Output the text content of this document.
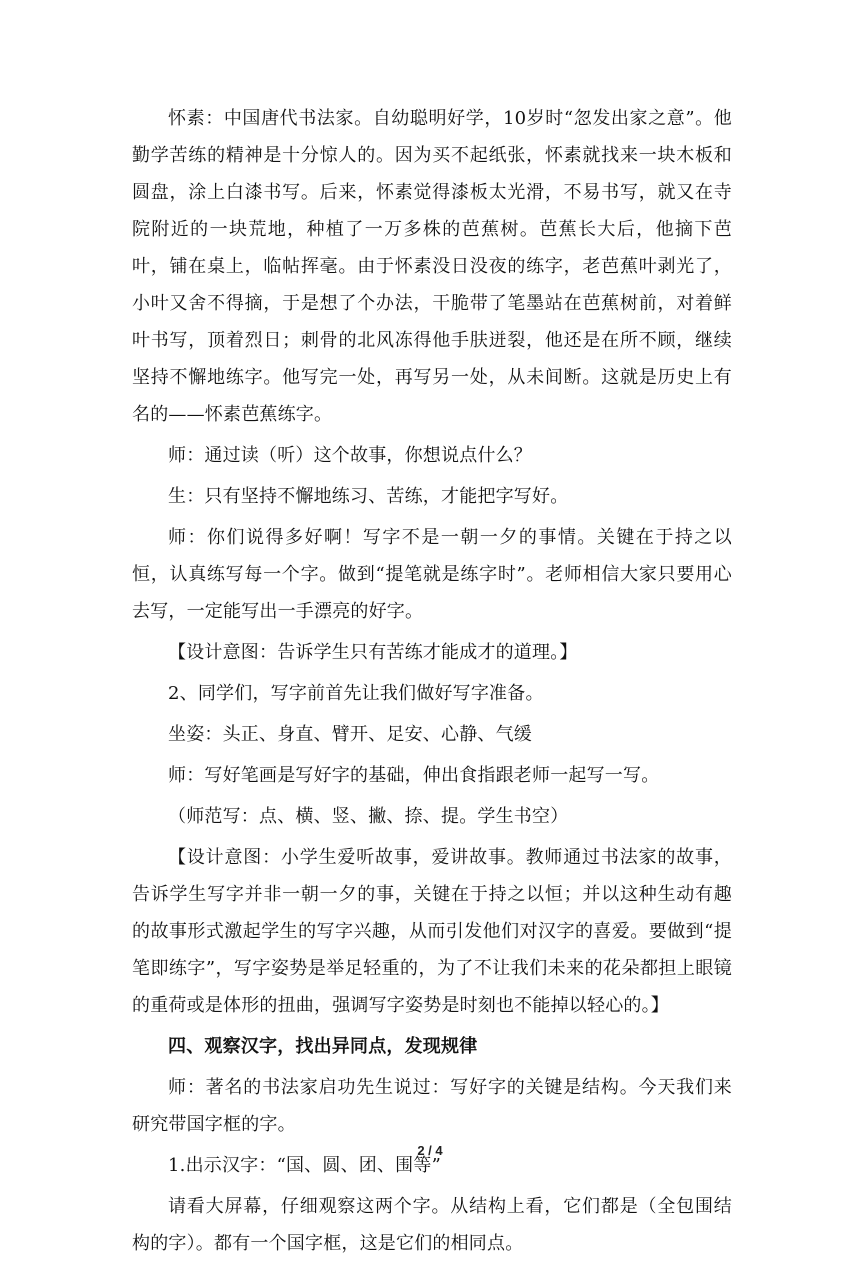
怀素：中国唐代书法家。自幼聪明好学，10岁时“忽发出家之意”。他勤学苦练的精神是十分惊人的。因为买不起纸张，怀素就找来一块木板和圆盘，涂上白漆书写。后来，怀素觉得漆板太光滑，不易书写，就又在寺院附近的一块荒地，种植了一万多株的芭蕉树。芭蕉长大后，他摘下芭叶，铺在桌上，临帖挥毫。由于怀素没日没夜的练字，老芭蕉叶剥光了，小叶又舍不得摘，于是想了个办法，干脆带了笔墨站在芭蕉树前，对着鲜叶书写，顶着烈日；刺骨的北风冻得他手肤迸裂，他还是在所不顾，继续坚持不懈地练字。他写完一处，再写另一处，从未间断。这就是历史上有名的——怀素芭蕉练字。

师：通过读（听）这个故事，你想说点什么？

生：只有坚持不懈地练习、苦练，才能把字写好。

师：你们说得多好啊！写字不是一朝一夕的事情。关键在于持之以恒，认真练写每一个字。做到“提笔就是练字时”。老师相信大家只要用心去写，一定能写出一手漂亮的好字。

【设计意图：告诉学生只有苦练才能成才的道理。】

2、同学们，写字前首先让我们做好写字准备。

坐姿：头正、身直、臂开、足安、心静、气缓

师：写好笔画是写好字的基础，伸出食指跟老师一起写一写。

（师范写：点、横、竖、撇、捺、提。学生书空）

【设计意图：小学生爱听故事，爱讲故事。教师通过书法家的故事，告诉学生写字并非一朝一夕的事，关键在于持之以恒；并以这种生动有趣的故事形式激起学生的写字兴趣，从而引发他们对汉字的喜爱。要做到“提笔即练字”，写字姿势是举足轻重的，为了不让我们未来的花朵都担上眼镜的重荷或是体形的扭曲，强调写字姿势是时刻也不能掉以轻心的。】

四、观察汉字，找出异同点，发现规律

师：著名的书法家启功先生说过：写好字的关键是结构。今天我们来研究带国字框的字。

1.出示汉字：“国、圆、团、围等”

请看大屏幕，仔细观察这两个字。从结构上看，它们都是（全包围结构的字）。都有一个国字框，这是它们的相同点。

2 / 4
